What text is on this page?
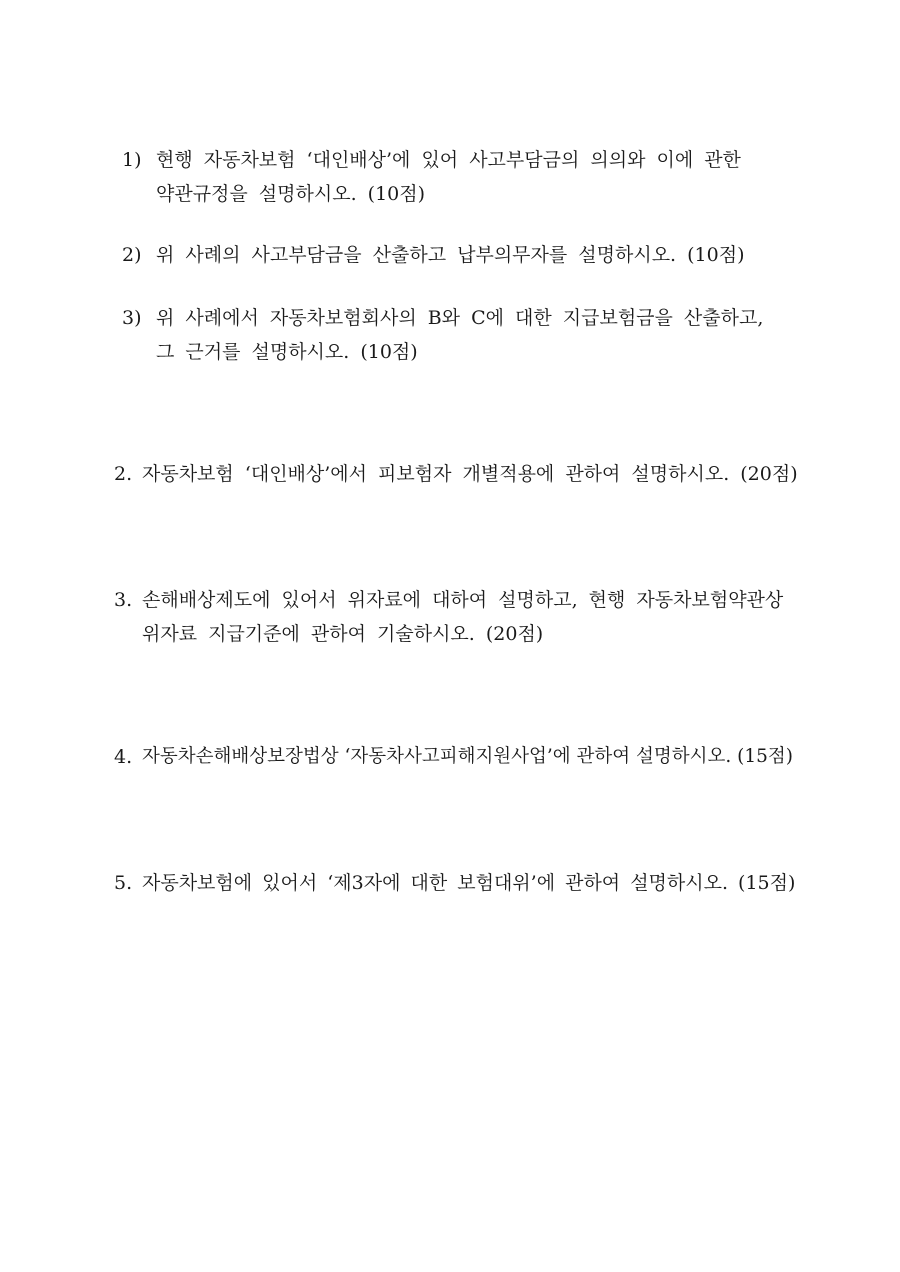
1) 현행 자동차보험 ‘대인배상’에 있어 사고부담금의 의의와 이에 관한
약관규정을 설명하시오. (10점)
2) 위 사례의 사고부담금을 산출하고 납부의무자를 설명하시오. (10점)
3) 위 사례에서 자동차보험회사의 B와 C에 대한 지급보험금을 산출하고,
그 근거를 설명하시오. (10점)
2. 자동차보험 ‘대인배상’에서 피보험자 개별적용에 관하여 설명하시오. (20점)
3. 손해배상제도에 있어서 위자료에 대하여 설명하고, 현행 자동차보험약관상
위자료 지급기준에 관하여 기술하시오. (20점)
4. 자동차손해배상보장법상 ‘자동차사고피해지원사업’에 관하여 설명하시오. (15점)
5. 자동차보험에 있어서 ‘제3자에 대한 보험대위’에 관하여 설명하시오. (15점)
